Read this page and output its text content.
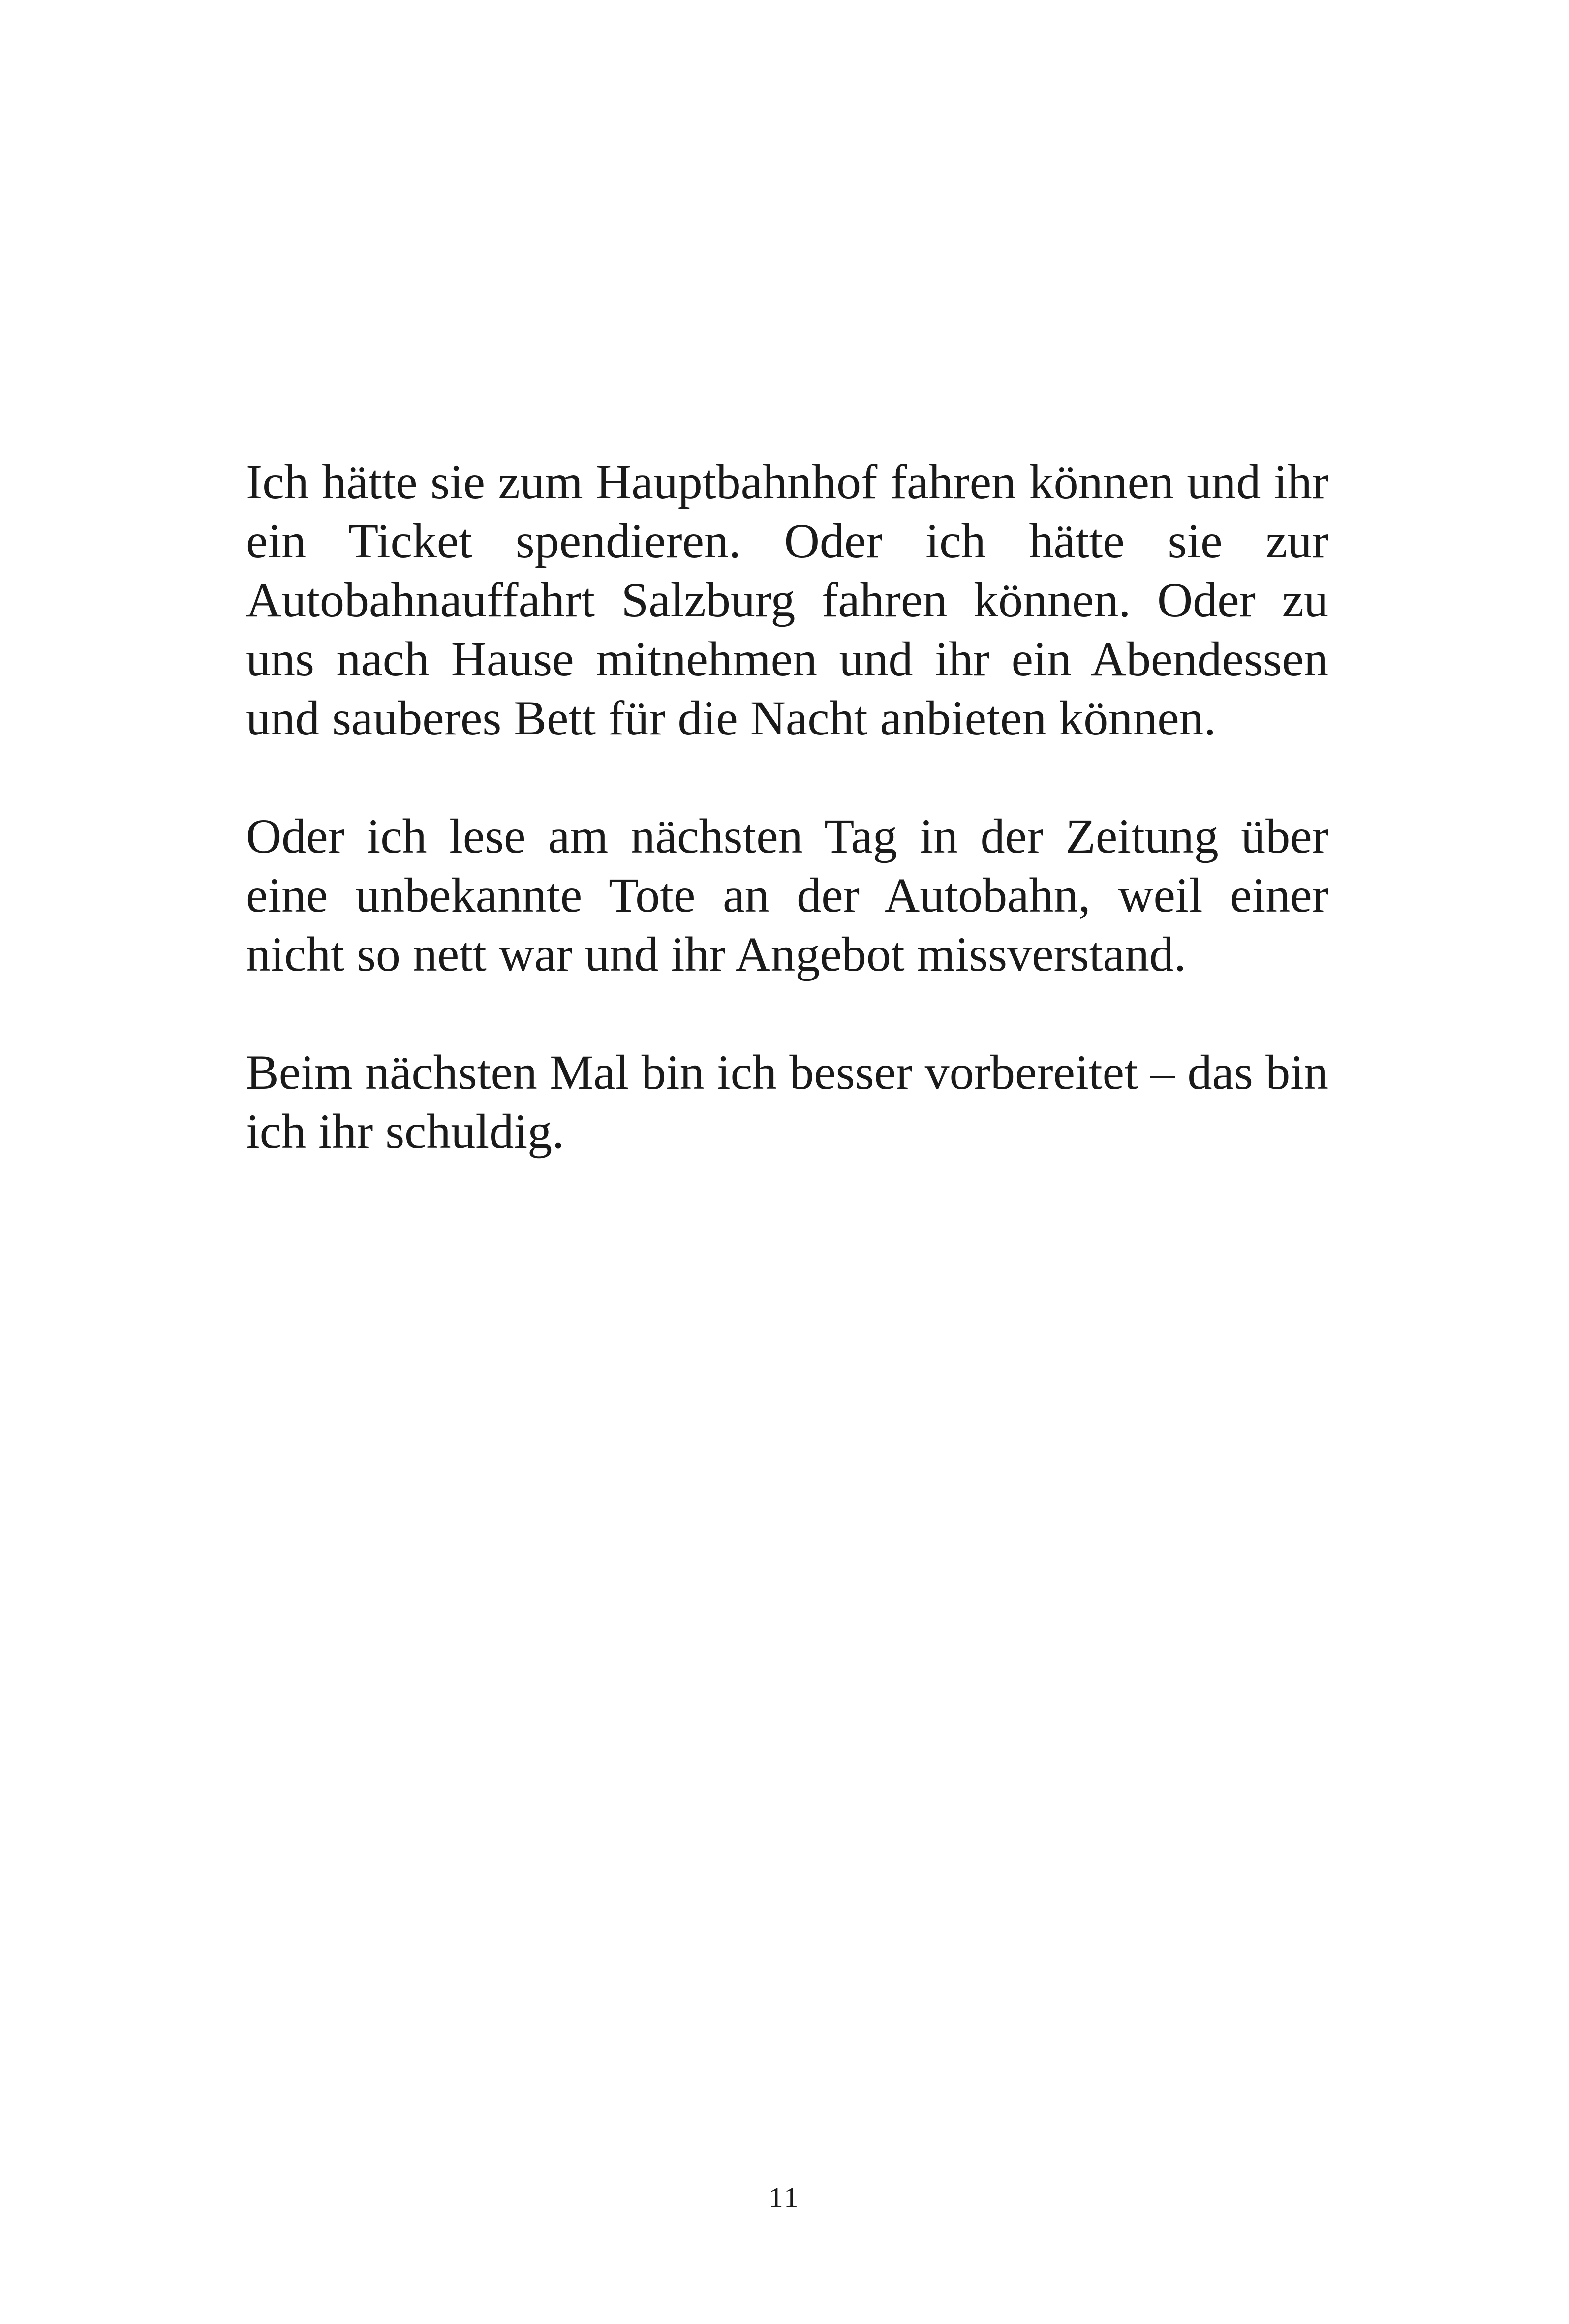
Ich hätte sie zum Hauptbahnhof fahren können und ihr ein Ticket spendieren. Oder ich hätte sie zur Autobahnauffahrt Salzburg fahren können. Oder zu uns nach Hause mitnehmen und ihr ein Abendessen und sauberes Bett für die Nacht anbieten können.

Oder ich lese am nächsten Tag in der Zeitung über eine unbekannte Tote an der Autobahn, weil einer nicht so nett war und ihr Angebot missverstand.

Beim nächsten Mal bin ich besser vorbereitet – das bin ich ihr schuldig.

11
